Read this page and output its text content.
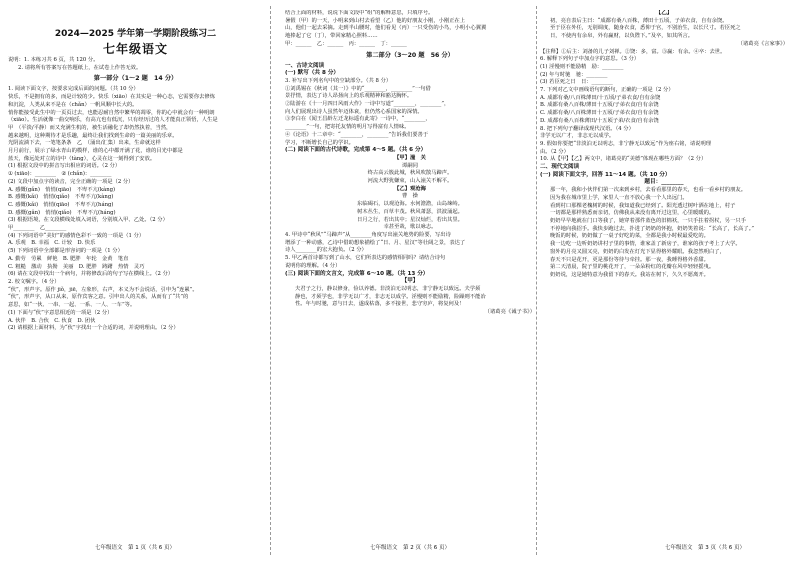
2024—2025 学年第一学期阶段练习二
七年级语文

说明：1. 本练习共 6 页，共 120 分。

2. 请将所有答案写在答题纸上，在试卷上作答无效。

第一部分（1～2 题　14 分）

1. 阅读下面文字，按要求完成后面的问题。（共 10 分）

快乐，不是拥有的多，而是计较的少。快乐（xiāo）在其实是一种心态，它需要你去修炼

和沉淀，人类从来不是在（chǎn）一帆风顺中长大的。

悄你能接受此生中的一页页过去，也能忍耐自然中繁华的凋零，你的心中就会有一种明朗

（xiāo）。生活就像一曲交响乐，有高亢也有低沉，只有经历过的人才能真正领悟，人生是

甲　（平淡/平静）而又充满生机的，被生活融化了却仍然执着，当然，

越来越明，这种期待才是乐趣，最终让我们找到生命的一篇美丽的乐章。

光阴流淌下去，一笔笔条条　乙　（涌出/汇集）出来，生命就这样

月月前行，展示了绿水青山的模样，谁的心中都开满了花，谁的目光中都是

蓝天，像远处对立的诗中（tàng），心灵在这一刻得到了安放。

(1) 根据文段中的拼音写出相应的词语。（2 分）

① (xiāo)：________　② (chǎn)：________

(2) 文段中加点字的读音，完全正确的一项是（2 分）

A. 感慨(gǎn)　悄悄(qiāo)　不卑不亢(kàng)

B. 感慨(kǎi)　悄悄(qiǎo)　不卑不亢(kàng)

C. 感慨(kǎi)　悄悄(qiāo)　不卑不亢(háng)

D. 感慨(gǎn)　悄悄(qiǎo)　不卑不亢(háng)

(3) 根据语境，在文段横线处填入词语，分别填入甲、乙处。（2 分）

甲________　乙________

(4) 下列词语中“美好”的感情色彩不一致的一项是（1 分）

A. 乐观　B. 幸福　C. 计较　D. 快乐

(5) 下列词语中全部都是形容词的一项是（1 分）

A. 勤劳　劳累　鲜艳　B. 肥胖　年轮　金黄　笔直

C. 粗糙　激动　执拗　美丽　D. 肥胖　踌躇　热情　灵巧

(6) 请在文段中找出一个病句，并将修改后的句子写在横线上。（2 分）

2. 校文嘱字。（4 分）

“伙”，形声字。原作 jiǒ，jiē，左象形，右声，本义为不会说话，引申为“连累”。

“伙”，形声字，从口从来，原作宾客之意。引申出人的关系，从而有了“共”的

意思，如“一伙、一串、一起、一系、一人、一车”等。

(1) 下面与“伙”字意思相近的一项是（2 分）

A. 伙伴　B. 合伙　C. 伙食　D. 团伙

(2) 请根据上面材料，为“伙”字找出一个合适的词，并说明理由。（2 分）

结合上面的材料，说说下面文段中“组”的解释意思，只填序号。

暑假（甲）的一天，小明来到山村去看望（乙）他的好朋友小刚，小刚正在上

山，他们一起去采摘。走到半山腰时，他们看见（丙）一只受伤的小鸟，小明小心翼翼

地捧起了它（丁），带回家精心照料……

甲：______　乙：______　丙：______　丁：______

第二部分（3～20 题　56 分）

一、古诗文阅读

(一) 默写（共 8 分）

3. 补写出下列名句中的空缺部分。（共 8 分）

①刘禹锡在《秋词（其一）》中的“________，________”一句借

景抒情，表达了诗人昂扬向上的乐观精神和豁达胸怀。

②陆游在《十一月四日风雨大作》一诗中写道“________，________”，

向人们展现出诗人虽然年迈体衰，但仍然心系国家的深情。

③李白在《闻王昌龄左迁龙标遥有此寄》一诗中，“________，

________”一句，把寄托友情的明月写得富有人情味。

④《论语》十二章中：“________，________”告诉我们要善于

学习，不断增长自己的学识。

(二) 阅读下面的古代诗歌，完成第 4～5 题。（共 6 分）

【甲】潼　关
谭嗣同

终古高云簇此城，秋风吹散马蹄声。

河流大野犹嫌束，山入潼关不解平。

【乙】观沧海
曹　操

东临碣石，以观沧海。水何澹澹，山岛竦峙。

树木丛生，百草丰茂。秋风萧瑟，洪波涌起。

日月之行，若出其中；星汉灿烂，若出其里。

幸甚至哉，歌以咏志。

4. 甲诗中“秋风”“马蹄声”从________角度写出潼关地势的险要，写出诗

增添了一种动感，乙诗中借助想象描绘了“日、月、星汉”等壮阔之景，表达了

诗人________的宏大抱负。（2 分）

5. 甲乙两首诗都写到了山水，它们所表达的感情相同吗？请结合诗句

说明你的理解。（4 分）

(三) 阅读下面的文言文，完成第 6～10 题。（共 13 分）

【甲】

夫君子之行，静以修身，俭以养德。非淡泊无以明志，非宁静无以致远。夫学须

静也，才须学也，非学无以广才，非志无以成学。淫慢则不能励精，险躁则不能冶

性。年与时驰，意与日去，遂成枯落，多不接世，悲守穷庐，将复何及！

（诸葛亮《诫子书》）
【乙】

初，亮自表后主曰：“成都有桑八百株，薄田十五顷，子弟衣食，自有余饶。

至于臣在外任，无别调度，随身衣食，悉仰于官，不别治生，以长尺寸。若臣死之

日，不使内有余帛，外有赢财，以负陛下。”及卒，如其所言。

（诸葛亮《言家事》）

【注释】①后主：刘备的儿子刘禅。②饶：多，富。③赢：有余。④卒：去世。

6. 解释下列句子中加点字的意思。（3 分）

(1) 淫慢则不能励精　励：________

(2) 年与时驰　驰：________

(3) 若臣死之日　日：________

7. 下列对乙文中画线语句的断句，正确的一项是（2 分）

A. 成都有桑/八百株薄田/十五顷/子弟衣食/自有余饶

B. 成都有桑八百株/薄田十五顷/子弟衣食/自有余饶

C. 成都有桑/八百株薄田十五顷/子弟衣食/自有余饶

D. 成都有桑八百株薄田/十五顷子弟/衣食/自有余饶

8. 把下列句子翻译成现代汉语。（4 分）

非学无以广才，非志无以成学。

9. 假如你要把“非淡泊无以明志，非宁静无以致远”作为座右铭，请说明理

由。（2 分）

10. 从【甲】【乙】两文中，诸葛亮的“美德”体现在哪些方面？（2 分）

二、现代文阅读

(一) 阅读下面文字，回答 11～14 题。（共 10 分）

题目：________

那一年，我和小伙伴们第一次来到乡村，去看看那里的春天，也看一看乡村的朋友。

因为我在城市里上学，家里人一直不放心我一个人出远门。

看到村口那棵老槐树的时候，我知道我已经到了。阳光透过树叶洒在地上，村子

一切都是那样熟悉而亲切，仿佛我从来没有离开过这里，心里暖暖的。

奶奶早早地就在门口等我了，她穿着那件蓝色的旧棉袄，一只手拄着拐杖，另一只手

不停地向我招手。我快步跑过去，扑进了奶奶的怀抱，奶奶笑着说：“长高了，长高了。”

晚饭的时候，奶奶做了一桌子好吃的菜，全都是我小时候最爱吃的。

我一边吃一边听奶奶讲村子里的事情，谁家盖了新房子，谁家的孩子考上了大学。

窗外的月亮又圆又亮，奶奶的白发在灯光下显得格外耀眼。我忽然明白了，

春天不只是花开，更是那份等待与牵挂。那一夜，我睡得格外香甜。

第二天清晨，院子里的桃花开了，一朵朵粉红的花瓣在风中轻轻摇曳。

奶奶说，这是她特意为我留下的春天。我站在树下，久久不愿离开。

七年级语文　第 1 页（共 6 页）	七年级语文　第 2 页（共 6 页）	七年级语文　第 3 页（共 6 页）
